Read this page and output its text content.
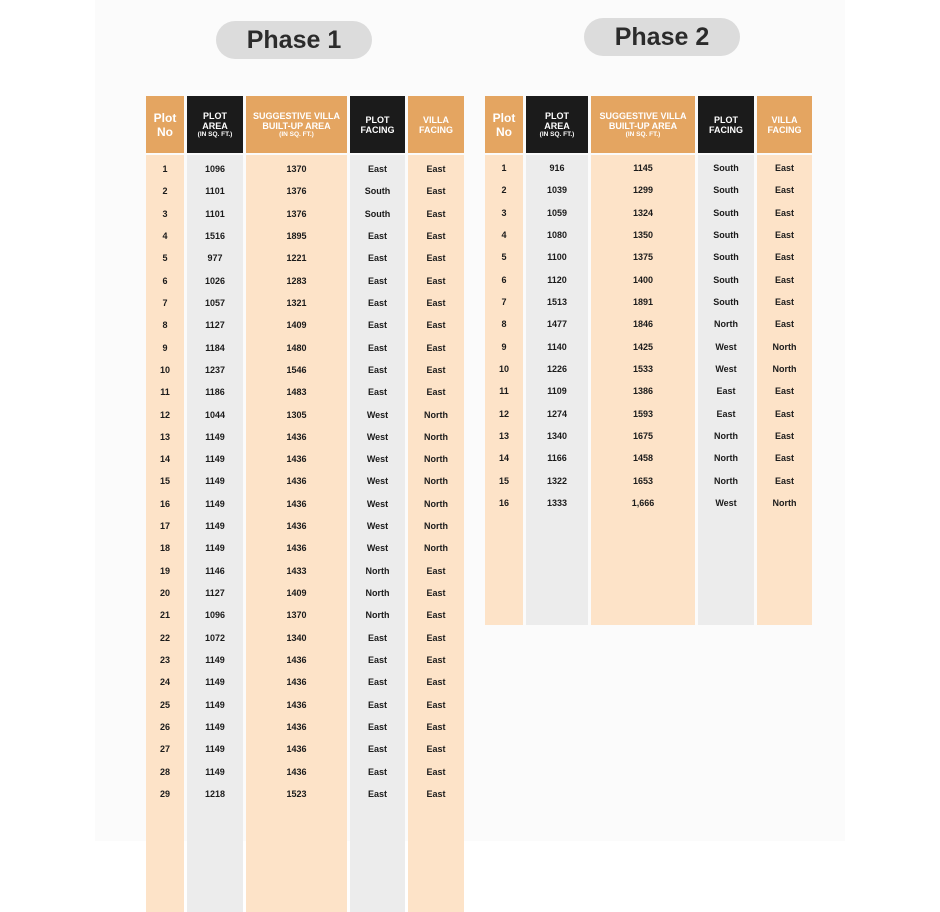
Phase 1	Phase 2
Plot
No
1
2
3
4
5
6
7
8
9
10
11
12
13
14
15
16
17
18
19
20
21
22
23
24
25
26
27
28
29
PLOT
AREA
(IN SQ. FT.)
1096
1101
1101
1516
977
1026
1057
1127
1184
1237
1186
1044
1149
1149
1149
1149
1149
1149
1146
1127
1096
1072
1149
1149
1149
1149
1149
1149
1218
SUGGESTIVE VILLA
BUILT-UP AREA
(IN SQ. FT.)
1370
1376
1376
1895
1221
1283
1321
1409
1480
1546
1483
1305
1436
1436
1436
1436
1436
1436
1433
1409
1370
1340
1436
1436
1436
1436
1436
1436
1523
PLOT
FACING
East
South
South
East
East
East
East
East
East
East
East
West
West
West
West
West
West
West
North
North
North
East
East
East
East
East
East
East
East
VILLA
FACING
East
East
East
East
East
East
East
East
East
East
East
North
North
North
North
North
North
North
East
East
East
East
East
East
East
East
East
East
East
Plot
No
1
2
3
4
5
6
7
8
9
10
11
12
13
14
15
16
PLOT
AREA
(IN SQ. FT.)
916
1039
1059
1080
1100
1120
1513
1477
1140
1226
1109
1274
1340
1166
1322
1333
SUGGESTIVE VILLA
BUILT-UP AREA
(IN SQ. FT.)
1145
1299
1324
1350
1375
1400
1891
1846
1425
1533
1386
1593
1675
1458
1653
1,666
PLOT
FACING
South
South
South
South
South
South
South
North
West
West
East
East
North
North
North
West
VILLA
FACING
East
East
East
East
East
East
East
East
North
North
East
East
East
East
East
North
